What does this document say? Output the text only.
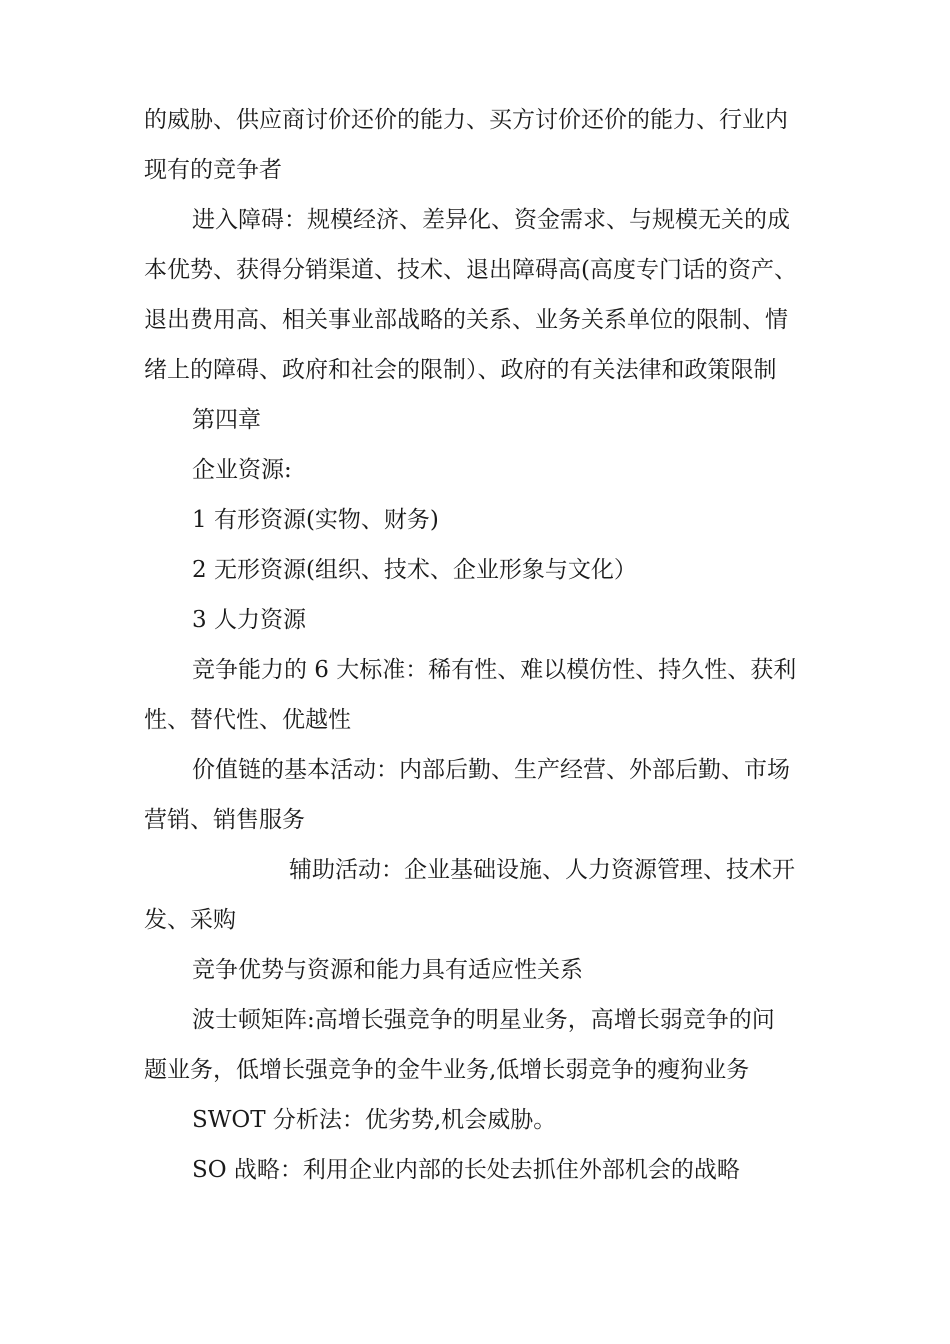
的威胁、供应商讨价还价的能力、买方讨价还价的能力、行业内
现有的竞争者
进入障碍：规模经济、差异化、资金需求、与规模无关的成
本优势、获得分销渠道、技术、退出障碍高(高度专门话的资产、
退出费用高、相关事业部战略的关系、业务关系单位的限制、情
绪上的障碍、政府和社会的限制）、政府的有关法律和政策限制
第四章
企业资源:
1 有形资源(实物、财务)
2 无形资源(组织、技术、企业形象与文化）
3 人力资源
竞争能力的 6 大标准：稀有性、难以模仿性、持久性、获利
性、替代性、优越性
价值链的基本活动：内部后勤、生产经营、外部后勤、市场
营销、销售服务
辅助活动：企业基础设施、人力资源管理、技术开
发、采购
竞争优势与资源和能力具有适应性关系
波士顿矩阵:高增长强竞争的明星业务，高增长弱竞争的问
题业务，低增长强竞争的金牛业务,低增长弱竞争的瘦狗业务
SWOT 分析法：优劣势,机会威胁。
SO 战略：利用企业内部的长处去抓住外部机会的战略
